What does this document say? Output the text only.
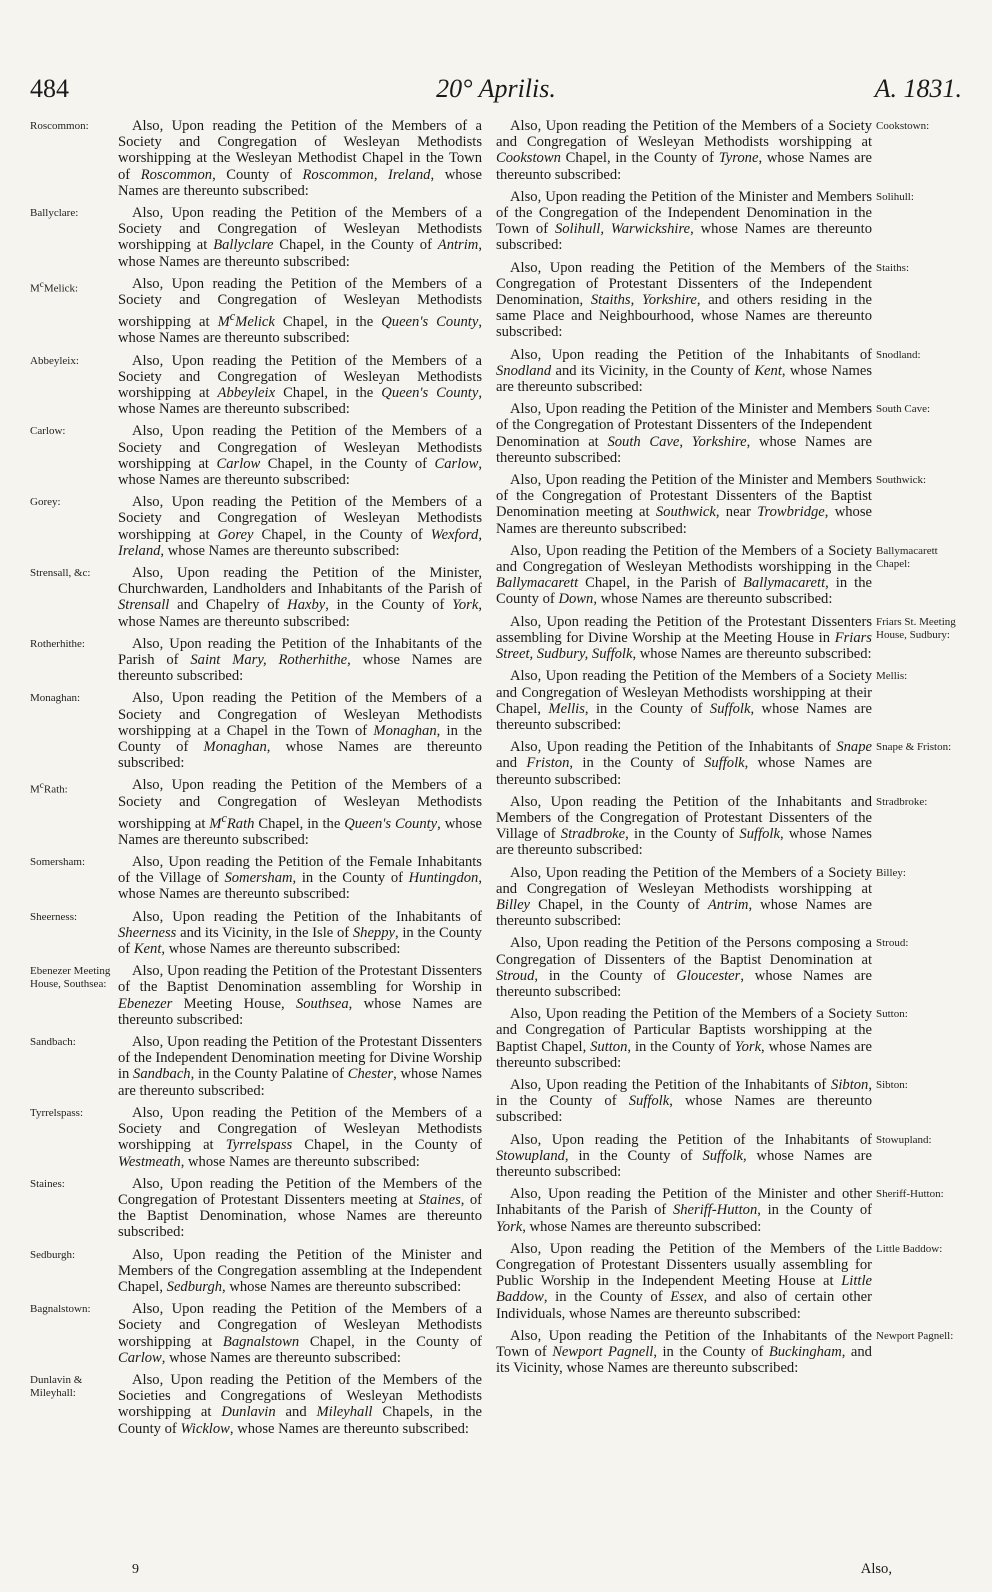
484	20° Aprilis.	A. 1831.
Roscommon:	Also, Upon reading the Petition of the Members of a Society and Congregation of Wesleyan Methodists worshipping at the Wesleyan Methodist Chapel in the Town of Roscommon, County of Roscommon, Ireland, whose Names are thereunto subscribed:
Ballyclare:	Also, Upon reading the Petition of the Members of a Society and Congregation of Wesleyan Methodists worshipping at Ballyclare Chapel, in the County of Antrim, whose Names are thereunto subscribed:
$M^cMelick$:	Also, Upon reading the Petition of the Members of a Society and Congregation of Wesleyan Methodists worshipping at $M^cMelick$ Chapel, in the Queen's County, whose Names are thereunto subscribed:
Abbeyleix:	Also, Upon reading the Petition of the Members of a Society and Congregation of Wesleyan Methodists worshipping at Abbeyleix Chapel, in the Queen's County, whose Names are thereunto subscribed:
Carlow:	Also, Upon reading the Petition of the Members of a Society and Congregation of Wesleyan Methodists worshipping at Carlow Chapel, in the County of Carlow, whose Names are thereunto subscribed:
Gorey:	Also, Upon reading the Petition of the Members of a Society and Congregation of Wesleyan Methodists worshipping at Gorey Chapel, in the County of Wexford, Ireland, whose Names are thereunto subscribed:
Strensall, &c:	Also, Upon reading the Petition of the Minister, Churchwarden, Landholders and Inhabitants of the Parish of Strensall and Chapelry of Haxby, in the County of York, whose Names are thereunto subscribed:
Rotherhithe:	Also, Upon reading the Petition of the Inhabitants of the Parish of Saint Mary, Rotherhithe, whose Names are thereunto subscribed:
Monaghan:	Also, Upon reading the Petition of the Members of a Society and Congregation of Wesleyan Methodists worshipping at a Chapel in the Town of Monaghan, in the County of Monaghan, whose Names are thereunto subscribed:
$M^cRath$:	Also, Upon reading the Petition of the Members of a Society and Congregation of Wesleyan Methodists worshipping at $M^cRath$ Chapel, in the Queen's County, whose Names are thereunto subscribed:
Somersham:	Also, Upon reading the Petition of the Female Inhabitants of the Village of Somersham, in the County of Huntingdon, whose Names are thereunto subscribed:
Sheerness:	Also, Upon reading the Petition of the Inhabitants of Sheerness and its Vicinity, in the Isle of Sheppy, in the County of Kent, whose Names are thereunto subscribed:
Ebenezer Meeting House, Southsea:
Also, Upon reading the Petition of the Protestant Dissenters of the Baptist Denomination assembling for Worship in Ebenezer Meeting House, Southsea, whose Names are thereunto subscribed:
Sandbach:	Also, Upon reading the Petition of the Protestant Dissenters of the Independent Denomination meeting for Divine Worship in Sandbach, in the County Palatine of Chester, whose Names are thereunto subscribed:
Tyrrelspass:	Also, Upon reading the Petition of the Members of a Society and Congregation of Wesleyan Methodists worshipping at Tyrrelspass Chapel, in the County of Westmeath, whose Names are thereunto subscribed:
Staines:	Also, Upon reading the Petition of the Members of the Congregation of Protestant Dissenters meeting at Staines, of the Baptist Denomination, whose Names are thereunto subscribed:
Sedburgh:	Also, Upon reading the Petition of the Minister and Members of the Congregation assembling at the Independent Chapel, Sedburgh, whose Names are thereunto subscribed:
Bagnalstown:	Also, Upon reading the Petition of the Members of a Society and Congregation of Wesleyan Methodists worshipping at Bagnalstown Chapel, in the County of Carlow, whose Names are thereunto subscribed:
Dunlavin & Mileyhall:
Also, Upon reading the Petition of the Members of the Societies and Congregations of Wesleyan Methodists worshipping at Dunlavin and Mileyhall Chapels, in the County of Wicklow, whose Names are thereunto subscribed:
Cookstown:
Also, Upon reading the Petition of the Members of a Society and Congregation of Wesleyan Methodists worshipping at Cookstown Chapel, in the County of Tyrone, whose Names are thereunto subscribed:
Solihull:
Also, Upon reading the Petition of the Minister and Members of the Congregation of the Independent Denomination in the Town of Solihull, Warwickshire, whose Names are thereunto subscribed:
Staiths:
Also, Upon reading the Petition of the Members of the Congregation of Protestant Dissenters of the Independent Denomination, Staiths, Yorkshire, and others residing in the same Place and Neighbourhood, whose Names are thereunto subscribed:
Snodland:
Also, Upon reading the Petition of the Inhabitants of Snodland and its Vicinity, in the County of Kent, whose Names are thereunto subscribed:
South Cave:
Also, Upon reading the Petition of the Minister and Members of the Congregation of Protestant Dissenters of the Independent Denomination at South Cave, Yorkshire, whose Names are thereunto subscribed:
Southwick:
Also, Upon reading the Petition of the Minister and Members of the Congregation of Protestant Dissenters of the Baptist Denomination meeting at Southwick, near Trowbridge, whose Names are thereunto subscribed:
Ballymacarett Chapel:
Also, Upon reading the Petition of the Members of a Society and Congregation of Wesleyan Methodists worshipping in the Ballymacarett Chapel, in the Parish of Ballymacarett, in the County of Down, whose Names are thereunto subscribed:
Friars St. Meeting House, Sudbury:
Also, Upon reading the Petition of the Protestant Dissenters assembling for Divine Worship at the Meeting House in Friars Street, Sudbury, Suffolk, whose Names are thereunto subscribed:
Mellis:
Also, Upon reading the Petition of the Members of a Society and Congregation of Wesleyan Methodists worshipping at their Chapel, Mellis, in the County of Suffolk, whose Names are thereunto subscribed:
Snape & Friston:
Also, Upon reading the Petition of the Inhabitants of Snape and Friston, in the County of Suffolk, whose Names are thereunto subscribed:
Stradbroke:
Also, Upon reading the Petition of the Inhabitants and Members of the Congregation of Protestant Dissenters of the Village of Stradbroke, in the County of Suffolk, whose Names are thereunto subscribed:
Billey:
Also, Upon reading the Petition of the Members of a Society and Congregation of Wesleyan Methodists worshipping at Billey Chapel, in the County of Antrim, whose Names are thereunto subscribed:
Stroud:
Also, Upon reading the Petition of the Persons composing a Congregation of Dissenters of the Baptist Denomination at Stroud, in the County of Gloucester, whose Names are thereunto subscribed:
Sutton:
Also, Upon reading the Petition of the Members of a Society and Congregation of Particular Baptists worshipping at the Baptist Chapel, Sutton, in the County of York, whose Names are thereunto subscribed:
Sibton:
Also, Upon reading the Petition of the Inhabitants of Sibton, in the County of Suffolk, whose Names are thereunto subscribed:
Stowupland:
Also, Upon reading the Petition of the Inhabitants of Stowupland, in the County of Suffolk, whose Names are thereunto subscribed:
Sheriff-Hutton:
Also, Upon reading the Petition of the Minister and other Inhabitants of the Parish of Sheriff-Hutton, in the County of York, whose Names are thereunto subscribed:
Little Baddow:
Also, Upon reading the Petition of the Members of the Congregation of Protestant Dissenters usually assembling for Public Worship in the Independent Meeting House at Little Baddow, in the County of Essex, and also of certain other Individuals, whose Names are thereunto subscribed:
Newport Pagnell:
Also, Upon reading the Petition of the Inhabitants of the Town of Newport Pagnell, in the County of Buckingham, and its Vicinity, whose Names are thereunto subscribed:
9	Also,
